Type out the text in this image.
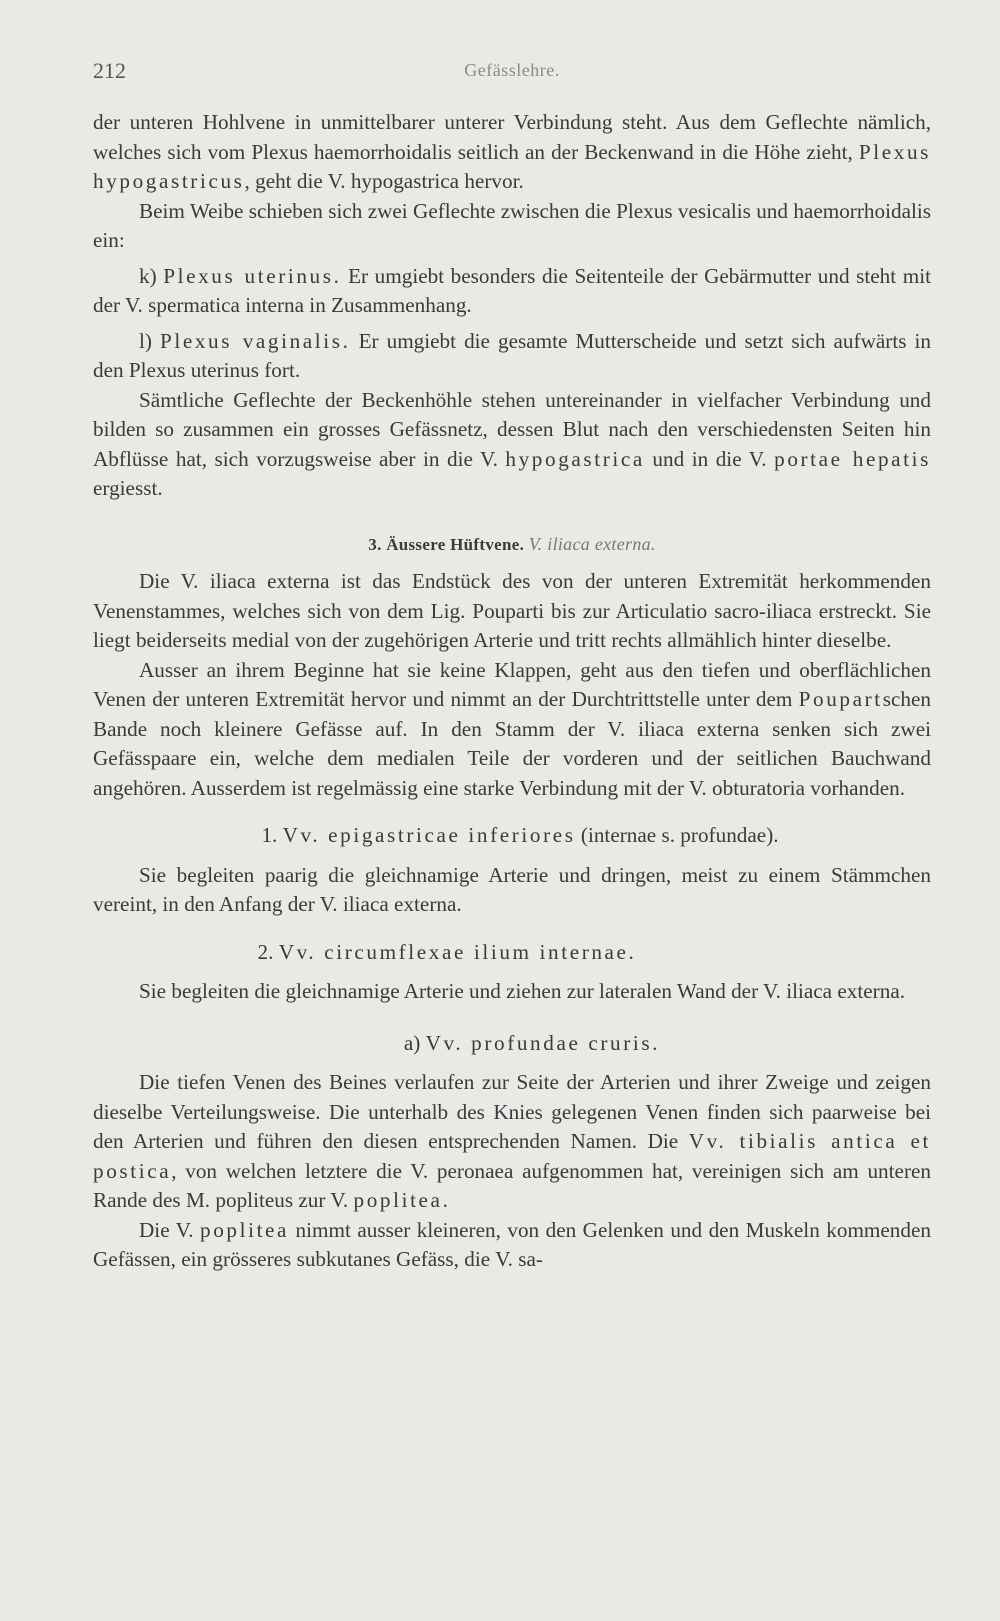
212	Gefässlehre.

der unteren Hohlvene in unmittelbarer unterer Verbindung steht. Aus dem Geflechte nämlich, welches sich vom Plexus haemorrhoidalis seitlich an der Beckenwand in die Höhe zieht, Plexus hypogastricus, geht die V. hypogastrica hervor.

Beim Weibe schieben sich zwei Geflechte zwischen die Plexus vesicalis und haemorrhoidalis ein:

k) Plexus uterinus. Er umgiebt besonders die Seitenteile der Gebärmutter und steht mit der V. spermatica interna in Zusammenhang.

l) Plexus vaginalis. Er umgiebt die gesamte Mutterscheide und setzt sich aufwärts in den Plexus uterinus fort.

Sämtliche Geflechte der Beckenhöhle stehen untereinander in vielfacher Verbindung und bilden so zusammen ein grosses Gefässnetz, dessen Blut nach den verschiedensten Seiten hin Abflüsse hat, sich vorzugsweise aber in die V. hypogastrica und in die V. portae hepatis ergiesst.

3. Äussere Hüftvene. V. iliaca externa.

Die V. iliaca externa ist das Endstück des von der unteren Extremität herkommenden Venenstammes, welches sich von dem Lig. Pouparti bis zur Articulatio sacro-iliaca erstreckt. Sie liegt beiderseits medial von der zugehörigen Arterie und tritt rechts allmählich hinter dieselbe.

Ausser an ihrem Beginne hat sie keine Klappen, geht aus den tiefen und oberflächlichen Venen der unteren Extremität hervor und nimmt an der Durchtrittstelle unter dem Poupartschen Bande noch kleinere Gefässe auf. In den Stamm der V. iliaca externa senken sich zwei Gefässpaare ein, welche dem medialen Teile der vorderen und der seitlichen Bauchwand angehören. Ausserdem ist regelmässig eine starke Verbindung mit der V. obturatoria vorhanden.

1. Vv. epigastricae inferiores (internae s. profundae).

Sie begleiten paarig die gleichnamige Arterie und dringen, meist zu einem Stämmchen vereint, in den Anfang der V. iliaca externa.

2. Vv. circumflexae ilium internae.

Sie begleiten die gleichnamige Arterie und ziehen zur lateralen Wand der V. iliaca externa.

a) Vv. profundae cruris.

Die tiefen Venen des Beines verlaufen zur Seite der Arterien und ihrer Zweige und zeigen dieselbe Verteilungsweise. Die unterhalb des Knies gelegenen Venen finden sich paarweise bei den Arterien und führen den diesen entsprechenden Namen. Die Vv. tibialis antica et postica, von welchen letztere die V. peronaea aufgenommen hat, vereinigen sich am unteren Rande des M. popliteus zur V. poplitea.

Die V. poplitea nimmt ausser kleineren, von den Gelenken und den Muskeln kommenden Gefässen, ein grösseres subkutanes Gefäss, die V. sa-
